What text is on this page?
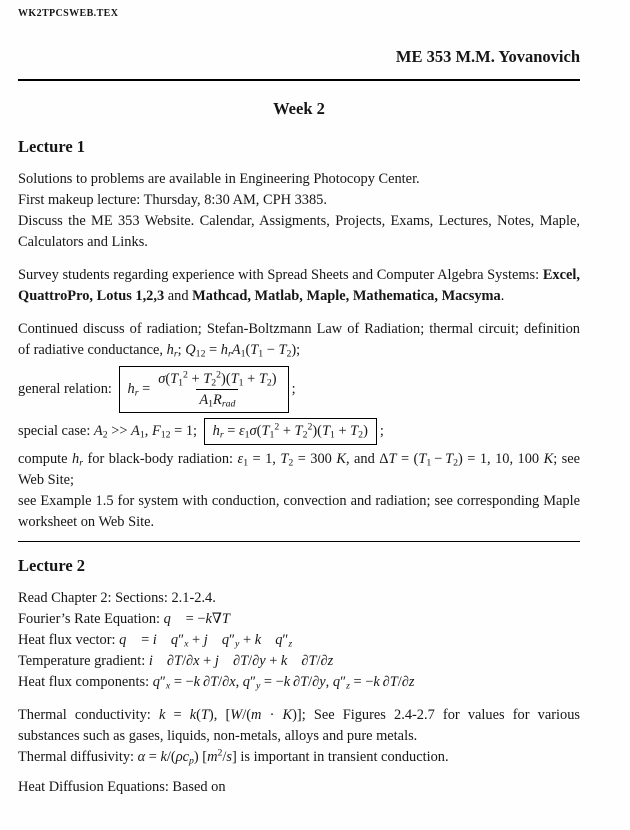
WK2TPCSWEB.TEX
ME 353 M.M. Yovanovich
Week 2
Lecture 1
Solutions to problems are available in Engineering Photocopy Center.
First makeup lecture: Thursday, 8:30 AM, CPH 3385.
Discuss the ME 353 Website. Calendar, Assigments, Projects, Exams, Lectures, Notes, Maple, Calculators and Links.
Survey students regarding experience with Spread Sheets and Computer Algebra Systems: Excel, QuattroPro, Lotus 1,2,3 and Mathcad, Matlab, Maple, Mathematica, Macsyma.
Continued discuss of radiation; Stefan-Boltzmann Law of Radiation; thermal circuit; definition of radiative conductance, $h_r$; $Q_{12} = h_rA_1(T_1 - T_2)$;
general relation: $h_r = \frac{\sigma(T_1^2 + T_2^2)(T_1 + T_2)}{A_1R_{rad}}$ ;
special case: $A_2 >> A_1$, $F_{12} = 1$; $h_r = \varepsilon_1\sigma(T_1^2 + T_2^2)(T_1 + T_2)$ ;
compute $h_r$ for black-body radiation: $\varepsilon_1 = 1$, $T_2 = 300$ K, and $\Delta T = (T_1 - T_2) = 1$, 10, 100 K; see Web Site;
see Example 1.5 for system with conduction, convection and radiation; see corresponding Maple worksheet on Web Site.
Lecture 2
Read Chapter 2: Sections: 2.1-2.4.
Fourier’s Rate Equation: q⃗ = −k∇T
Heat flux vector: q⃗ = i⃗  $q''_x$ + j⃗  $q''_y$ + k⃗  $q''_z$
Temperature gradient: i⃗ ∂T/∂x + j⃗ ∂T/∂y + k⃗ ∂T/∂z
Heat flux components: $q''_x = -k$ ∂T/∂x, $q''_y = -k$ ∂T/∂y, $q''_z = -k$ ∂T/∂z
Thermal conductivity: k = k(T), [W/(m · K)]; See Figures 2.4-2.7 for values for various substances such as gases, liquids, non-metals, alloys and pure metals.
Thermal diffusivity: $\alpha = k/(\rho c_p)$ $[m^2/s]$ is important in transient conduction.
Heat Diffusion Equations: Based on
